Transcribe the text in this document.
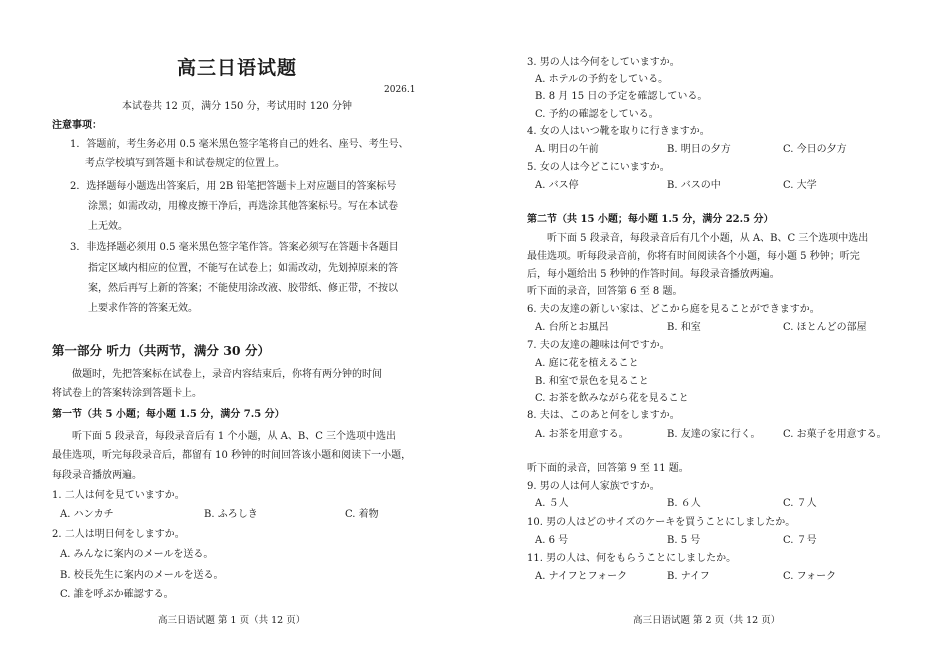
高三日语试题
2026.1
本试卷共 12 页，满分 150 分，考试用时 120 分钟
注意事项：
1．答题前，考生务必用 0.5 毫米黑色签字笔将自己的姓名、座号、考生号、
考点学校填写到答题卡和试卷规定的位置上。
2．选择题每小题选出答案后，用 2B 铅笔把答题卡上对应题目的答案标号
涂黑；如需改动，用橡皮擦干净后，再选涂其他答案标号。写在本试卷
上无效。
3．非选择题必须用 0.5 毫米黑色签字笔作答。答案必须写在答题卡各题目
指定区域内相应的位置，不能写在试卷上；如需改动，先划掉原来的答
案，然后再写上新的答案；不能使用涂改液、胶带纸、修正带，不按以
上要求作答的答案无效。
第一部分 听力（共两节，满分 30 分）
做题时，先把答案标在试卷上，录音内容结束后，你将有两分钟的时间
将试卷上的答案转涂到答题卡上。
第一节（共 5 小题；每小题 1.5 分，满分 7.5 分）
听下面 5 段录音，每段录音后有 1 个小题，从 A、B、C 三个选项中选出
最佳选项，听完每段录音后，都留有 10 秒钟的时间回答该小题和阅读下一小题，
每段录音播放两遍。
1. 二人は何を見ていますか。
A. ハンカチ	B. ふろしき	C. 着物
2. 二人は明日何をしますか。
A. みんなに案内のメールを送る。
B. 校長先生に案内のメールを送る。
C. 誰を呼ぶか確認する。
高三日语试题 第 1 页（共 12 页）
3. 男の人は今何をしていますか。
A. ホテルの予約をしている。
B. 8 月 15 日の予定を確認している。
C. 予約の確認をしている。
4. 女の人はいつ靴を取りに行きますか。
A. 明日の午前	B. 明日の夕方	C. 今日の夕方
5. 女の人は今どこにいますか。
A. バス停	B. バスの中	C. 大学
第二节（共 15 小题；每小题 1.5 分，满分 22.5 分）
听下面 5 段录音，每段录音后有几个小题，从 A、B、C 三个选项中选出
最佳选项。听每段录音前，你将有时间阅读各个小题，每小题 5 秒钟；听完
后，每小题给出 5 秒钟的作答时间。每段录音播放两遍。
听下面的录音，回答第 6 至 8 题。
6. 夫の友達の新しい家は、どこから庭を見ることができますか。
A. 台所とお風呂	B. 和室	C. ほとんどの部屋
7. 夫の友達の趣味は何ですか。
A. 庭に花を植えること
B. 和室で景色を見ること
C. お茶を飲みながら花を見ること
8. 夫は、このあと何をしますか。
A. お茶を用意する。	B. 友達の家に行く。 C. お菓子を用意する。
听下面的录音，回答第 9 至 11 题。
9. 男の人は何人家族ですか。
A. ５人	B. ６人	C. ７人
10. 男の人はどのサイズのケーキを買うことにしましたか。
A. 6 号	B. 5 号	C. ７号
11. 男の人は、何をもらうことにしましたか。
A. ナイフとフォーク	B. ナイフ	C. フォーク
高三日语试题 第 2 页（共 12 页）
